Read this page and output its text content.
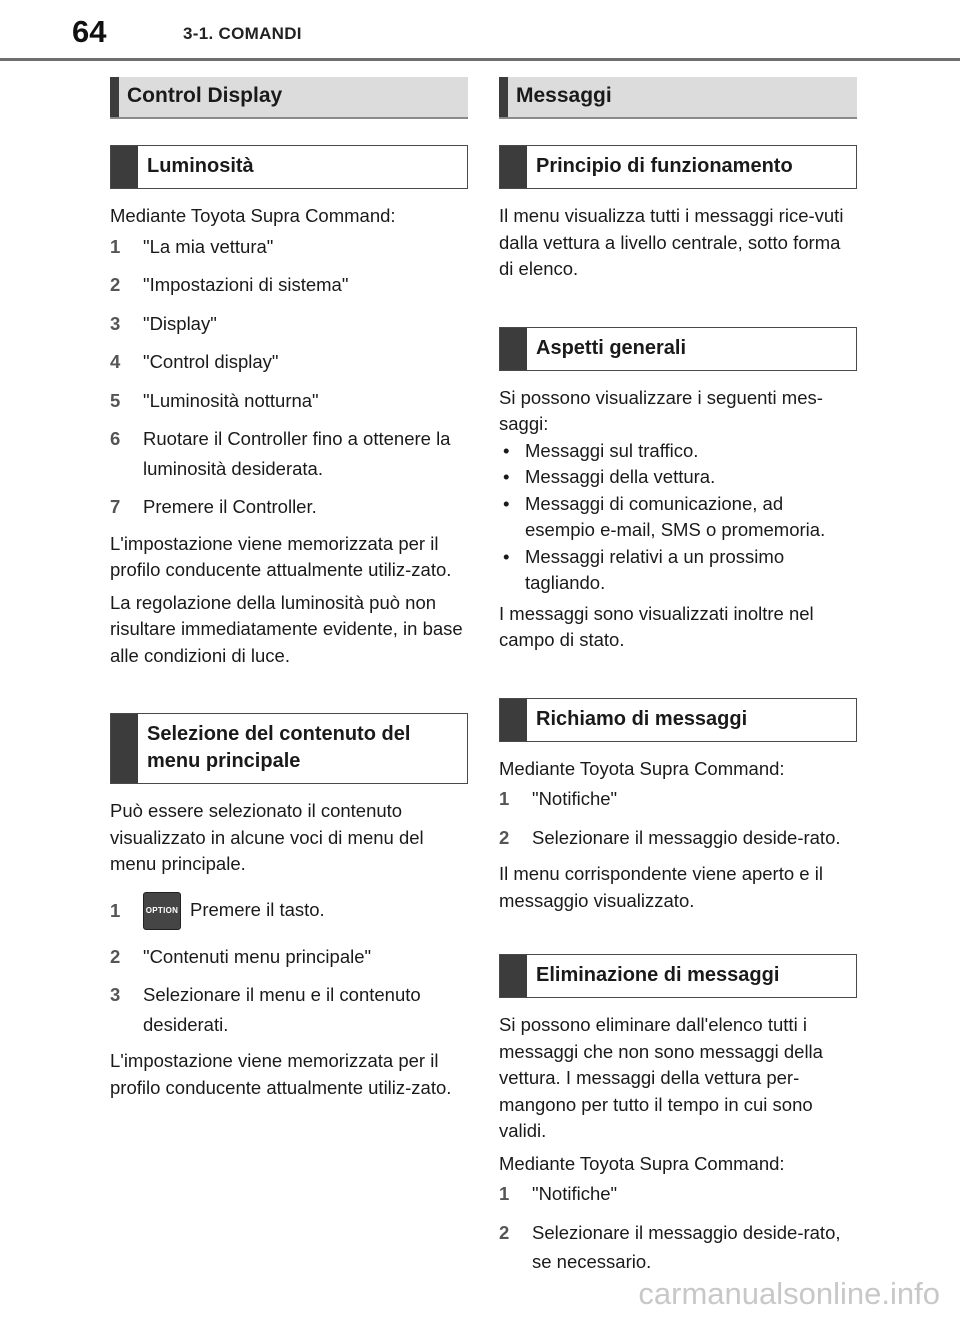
64	3-1. COMANDI
Control Display
Luminosità

Mediante Toyota Supra Command:

1	"La mia vettura"
2	"Impostazioni di sistema"
3	"Display"
4	"Control display"
5	"Luminosità notturna"
6	Ruotare il Controller fino a ottenere la luminosità desiderata.
7	Premere il Controller.

L'impostazione viene memorizzata per il profilo conducente attualmente utiliz-zato.

La regolazione della luminosità può non risultare immediatamente evidente, in base alle condizioni di luce.

Selezione del contenuto del menu principale

Può essere selezionato il contenuto visualizzato in alcune voci di menu del menu principale.

1	OPTION Premere il tasto.
2	"Contenuti menu principale"
3	Selezionare il menu e il contenuto desiderati.

L'impostazione viene memorizzata per il profilo conducente attualmente utiliz-zato.

Messaggi
Principio di funzionamento

Il menu visualizza tutti i messaggi rice-vuti dalla vettura a livello centrale, sotto forma di elenco.

Aspetti generali

Si possono visualizzare i seguenti mes-saggi:

• Messaggi sul traffico.
• Messaggi della vettura.
• Messaggi di comunicazione, ad esempio e-mail, SMS o promemoria.
• Messaggi relativi a un prossimo tagliando.

I messaggi sono visualizzati inoltre nel campo di stato.

Richiamo di messaggi

Mediante Toyota Supra Command:

1	"Notifiche"
2	Selezionare il messaggio deside-rato.

Il menu corrispondente viene aperto e il messaggio visualizzato.

Eliminazione di messaggi

Si possono eliminare dall'elenco tutti i messaggi che non sono messaggi della vettura. I messaggi della vettura per-mangono per tutto il tempo in cui sono validi.

Mediante Toyota Supra Command:

1	"Notifiche"
2	Selezionare il messaggio deside-rato, se necessario.
carmanualsonline.info
